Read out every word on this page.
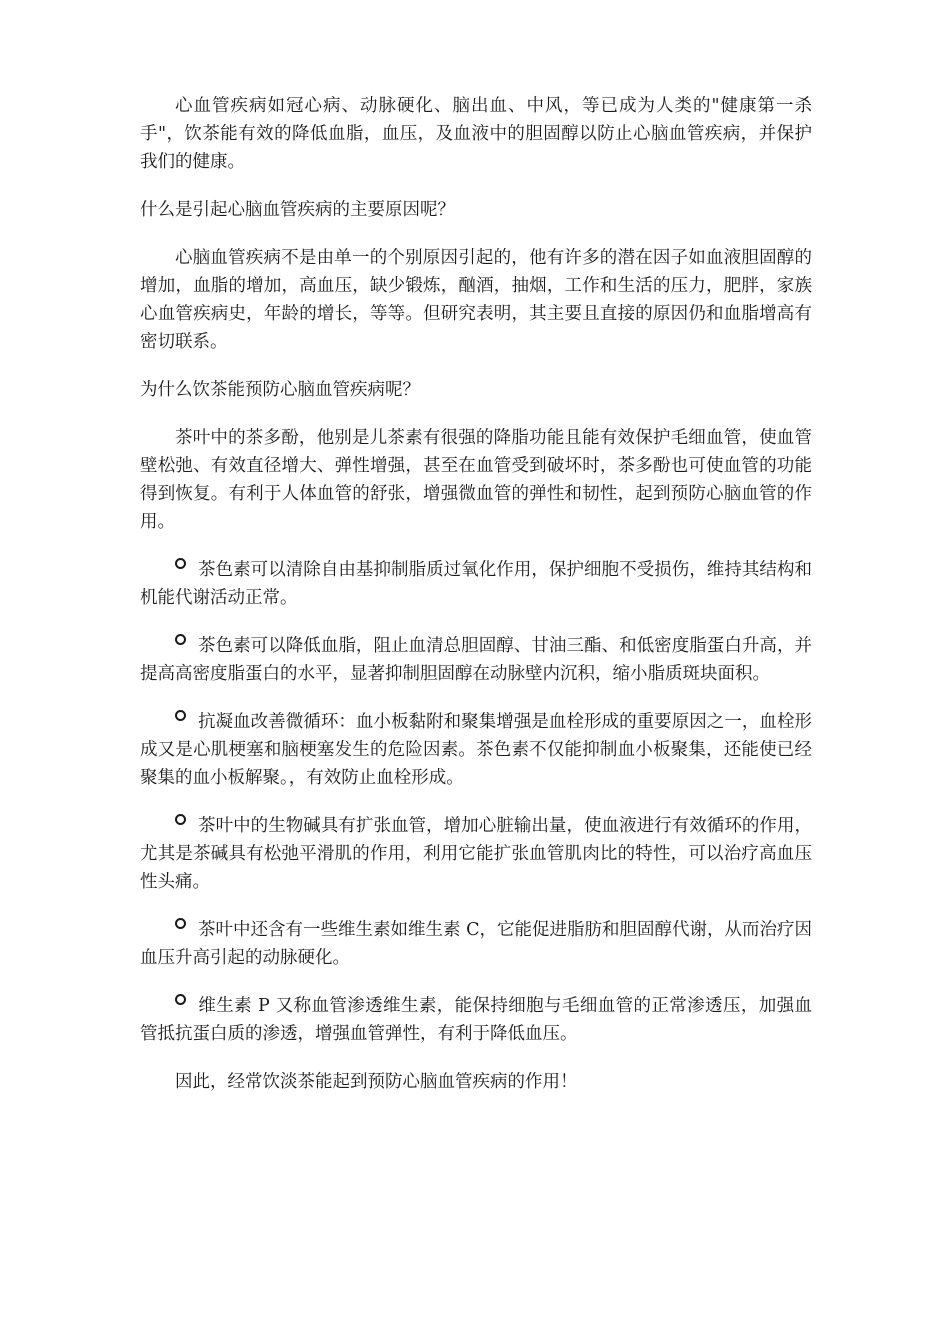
心血管疾病如冠心病、动脉硬化、脑出血、中风，等已成为人类的"健康第一杀手"，饮茶能有效的降低血脂，血压，及血液中的胆固醇以防止心脑血管疾病，并保护我们的健康。

什么是引起心脑血管疾病的主要原因呢？

心脑血管疾病不是由单一的个别原因引起的，他有许多的潜在因子如血液胆固醇的增加，血脂的增加，高血压，缺少锻炼，酗酒，抽烟，工作和生活的压力，肥胖，家族心血管疾病史，年龄的增长，等等。但研究表明，其主要且直接的原因仍和血脂增高有密切联系。

为什么饮茶能预防心脑血管疾病呢？

茶叶中的茶多酚，他别是儿茶素有很强的降脂功能且能有效保护毛细血管，使血管壁松弛、有效直径增大、弹性增强，甚至在血管受到破坏时，茶多酚也可使血管的功能得到恢复。有利于人体血管的舒张，增强微血管的弹性和韧性，起到预防心脑血管的作用。

茶色素可以清除自由基抑制脂质过氧化作用，保护细胞不受损伤，维持其结构和机能代谢活动正常。

茶色素可以降低血脂，阻止血清总胆固醇、甘油三酯、和低密度脂蛋白升高，并提高高密度脂蛋白的水平，显著抑制胆固醇在动脉壁内沉积，缩小脂质斑块面积。

抗凝血改善微循环：血小板黏附和聚集增强是血栓形成的重要原因之一，血栓形成又是心肌梗塞和脑梗塞发生的危险因素。茶色素不仅能抑制血小板聚集，还能使已经聚集的血小板解聚。，有效防止血栓形成。

茶叶中的生物碱具有扩张血管，增加心脏输出量，使血液进行有效循环的作用，尤其是茶碱具有松弛平滑肌的作用，利用它能扩张血管肌肉比的特性，可以治疗高血压性头痛。

茶叶中还含有一些维生素如维生素 C，它能促进脂肪和胆固醇代谢，从而治疗因血压升高引起的动脉硬化。

维生素 P 又称血管渗透维生素，能保持细胞与毛细血管的正常渗透压，加强血管抵抗蛋白质的渗透，增强血管弹性，有利于降低血压。

因此，经常饮淡茶能起到预防心脑血管疾病的作用！
